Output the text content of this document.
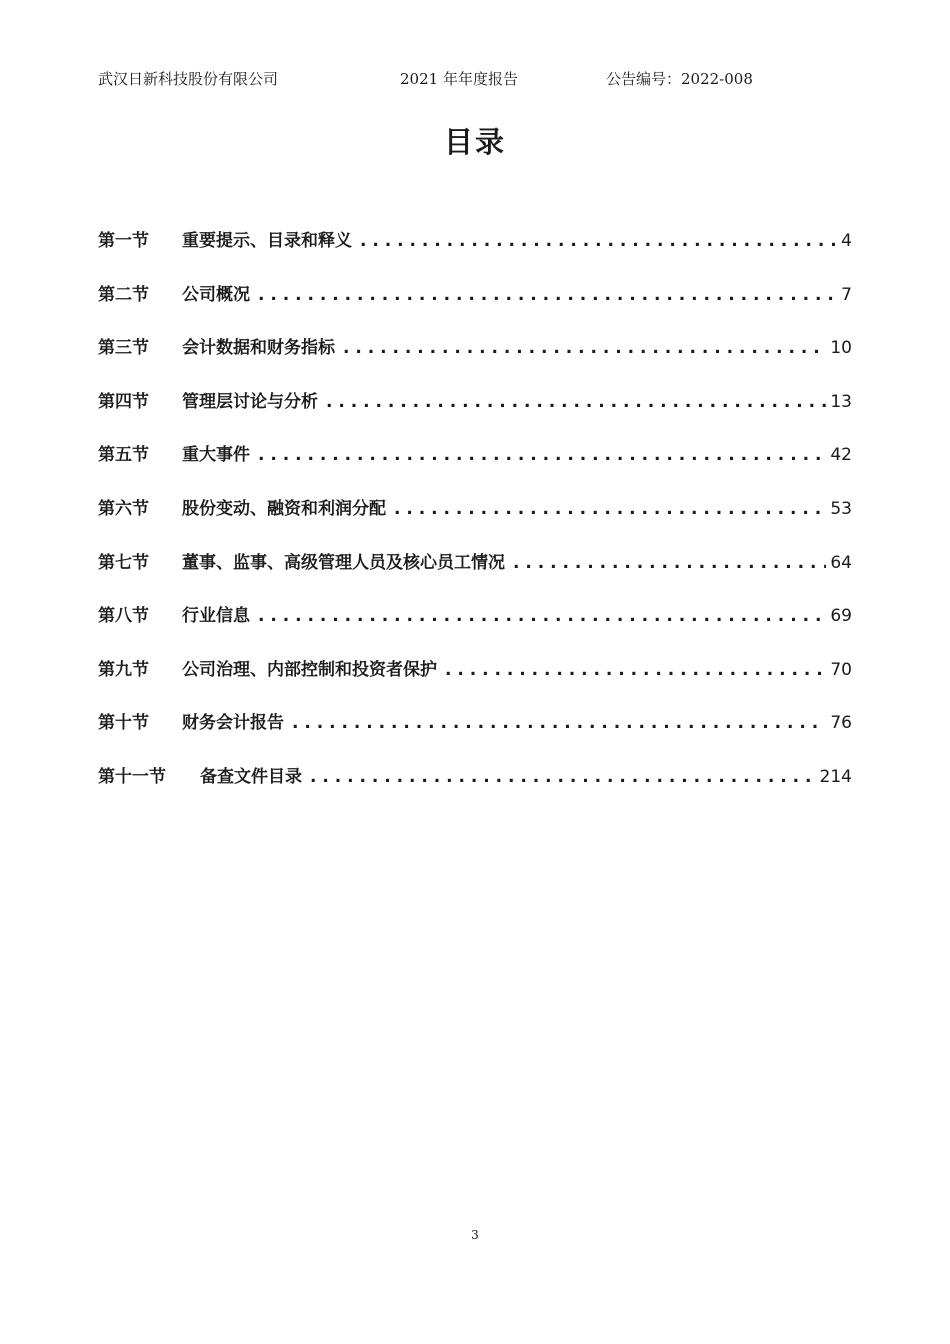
武汉日新科技股份有限公司	2021 年年度报告	公告编号：2022-008
目录
第一节	重要提示、目录和释义 . . .	4
第二节	公司概况 . . .	7
第三节	会计数据和财务指标 . . .	10
第四节	管理层讨论与分析 . . .	13
第五节	重大事件 . . .	42
第六节	股份变动、融资和利润分配 . . .	53
第七节	董事、监事、高级管理人员及核心员工情况 . . .	64
第八节	行业信息 . . .	69
第九节	公司治理、内部控制和投资者保护 . . .	70
第十节	财务会计报告 . . .	76
第十一节	备查文件目录 . . .	214
3
